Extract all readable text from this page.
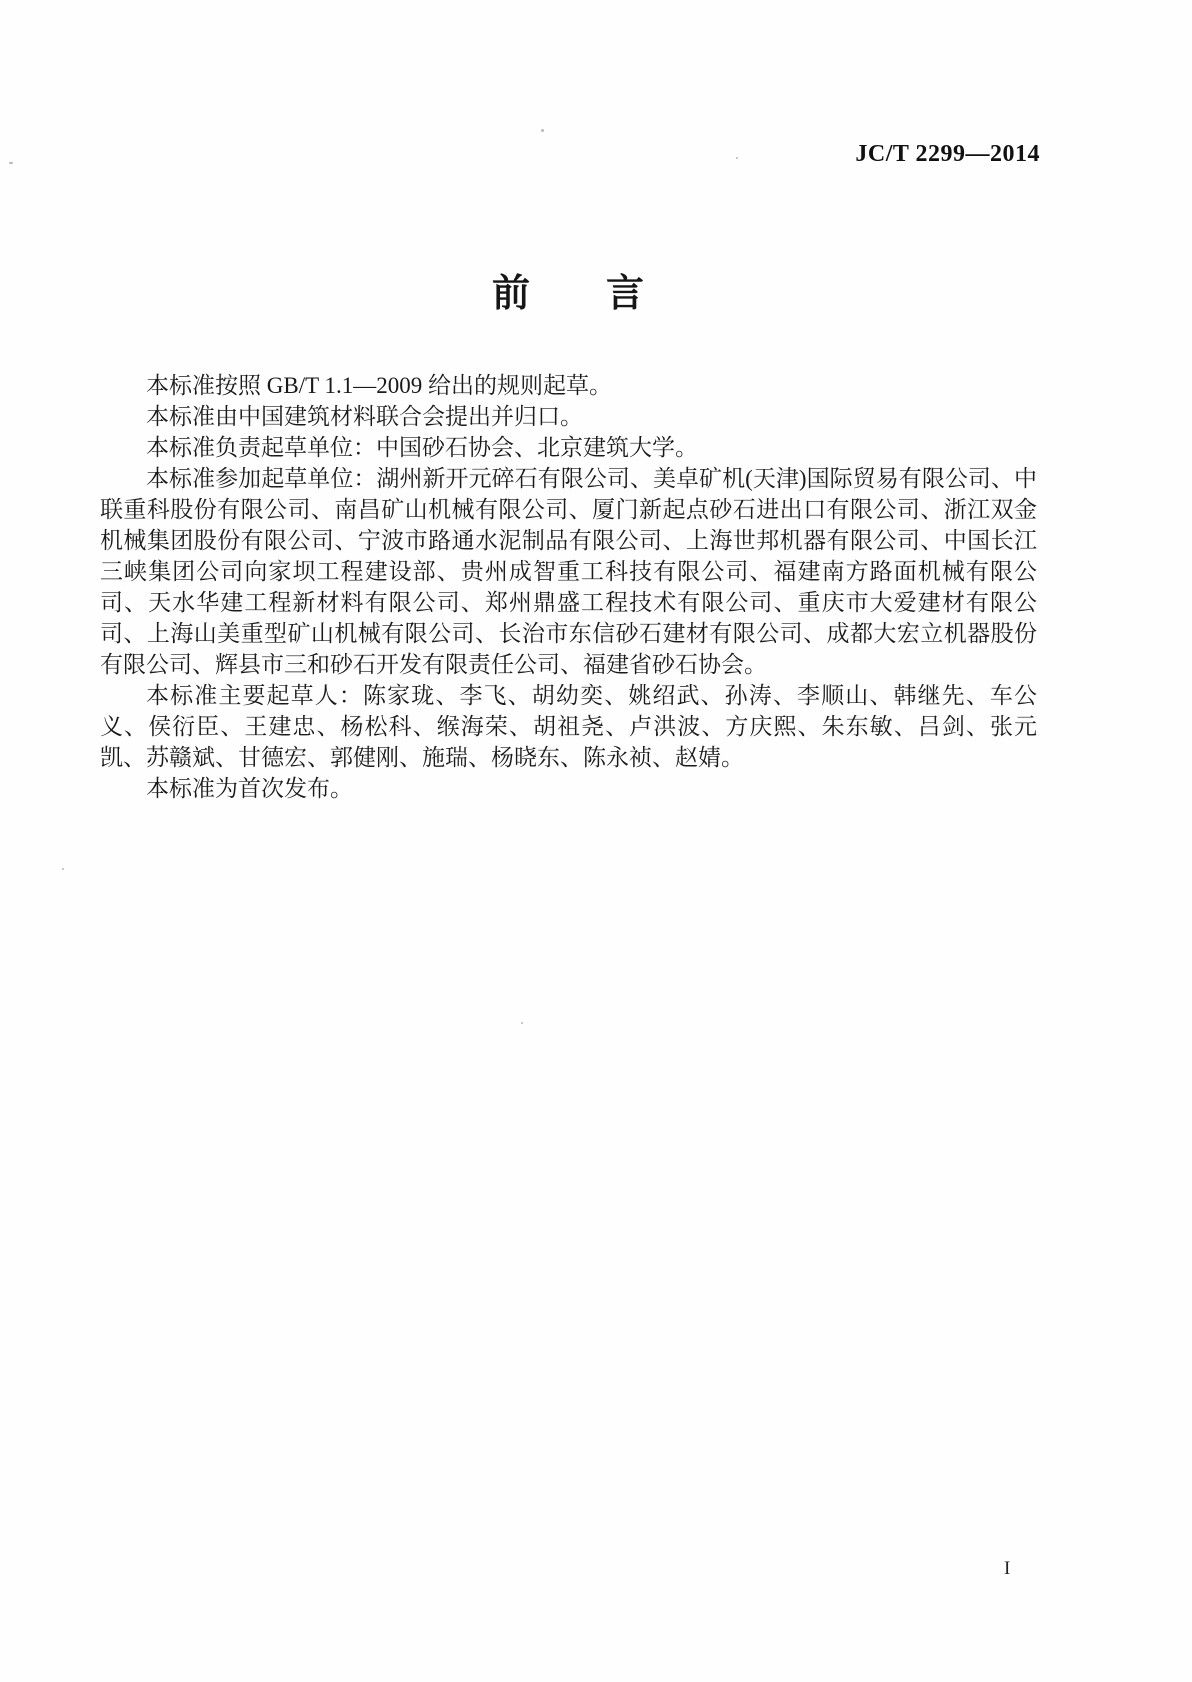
JC/T 2299—2014
前　　言

本标准按照 GB/T 1.1—2009 给出的规则起草。

本标准由中国建筑材料联合会提出并归口。

本标准负责起草单位：中国砂石协会、北京建筑大学。

本标准参加起草单位：湖州新开元碎石有限公司、美卓矿机(天津)国际贸易有限公司、中联重科股份有限公司、南昌矿山机械有限公司、厦门新起点砂石进出口有限公司、浙江双金机械集团股份有限公司、宁波市路通水泥制品有限公司、上海世邦机器有限公司、中国长江三峡集团公司向家坝工程建设部、贵州成智重工科技有限公司、福建南方路面机械有限公司、天水华建工程新材料有限公司、郑州鼎盛工程技术有限公司、重庆市大爱建材有限公司、上海山美重型矿山机械有限公司、长治市东信砂石建材有限公司、成都大宏立机器股份有限公司、辉县市三和砂石开发有限责任公司、福建省砂石协会。

本标准主要起草人：陈家珑、李飞、胡幼奕、姚绍武、孙涛、李顺山、韩继先、车公义、侯衍臣、王建忠、杨松科、缑海荣、胡祖尧、卢洪波、方庆熙、朱东敏、吕剑、张元凯、苏赣斌、甘德宏、郭健刚、施瑞、杨晓东、陈永祯、赵婧。

本标准为首次发布。

I
